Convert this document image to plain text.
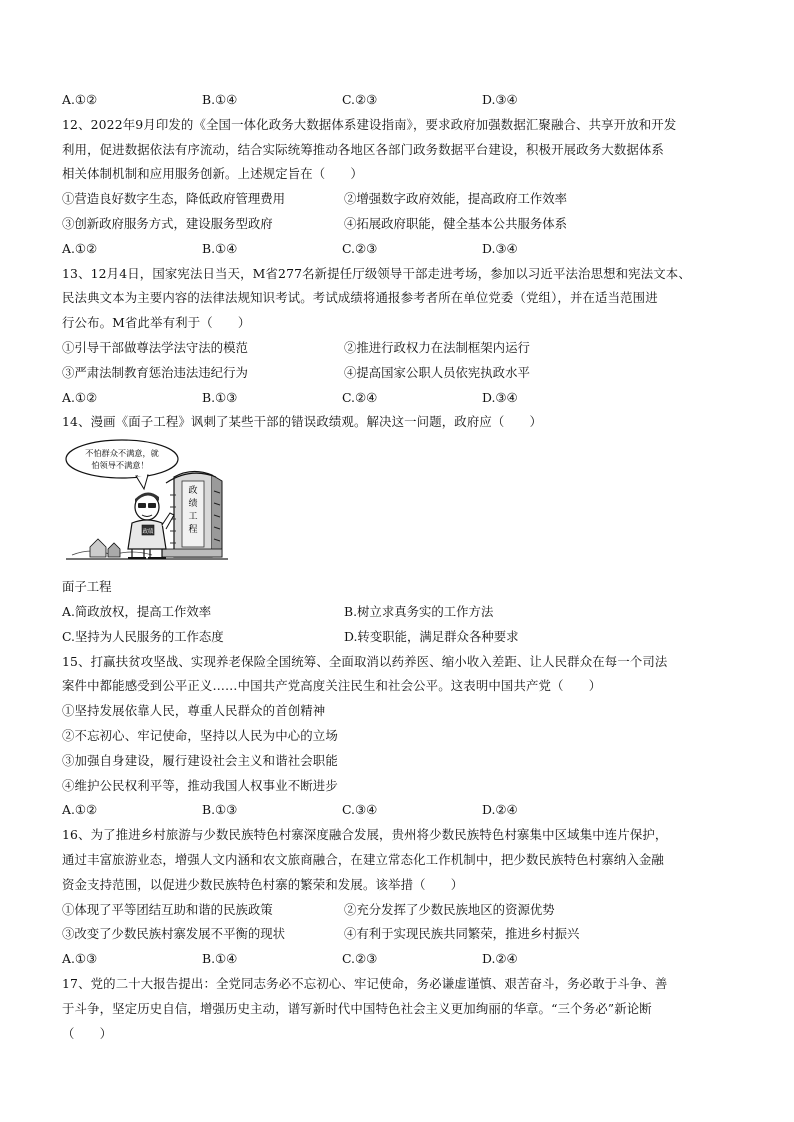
A.①②	B.①④	C.②③	D.③④
12、2022年9月印发的《全国一体化政务大数据体系建设指南》，要求政府加强数据汇聚融合、共享开放和开发
利用，促进数据依法有序流动，结合实际统筹推动各地区各部门政务数据平台建设，积极开展政务大数据体系
相关体制机制和应用服务创新。上述规定旨在（　　）
①营造良好数字生态，降低政府管理费用	②增强数字政府效能，提高政府工作效率
③创新政府服务方式，建设服务型政府	④拓展政府职能，健全基本公共服务体系
A.①②	B.①④	C.②③	D.③④
13、12月4日，国家宪法日当天，M省277名新提任厅级领导干部走进考场，参加以习近平法治思想和宪法文本、
民法典文本为主要内容的法律法规知识考试。考试成绩将通报参考者所在单位党委（党组），并在适当范围进
行公布。M省此举有利于（　　）
①引导干部做尊法学法守法的模范	②推进行政权力在法制框架内运行
③严肃法制教育惩治违法违纪行为	④提高国家公职人员依宪执政水平
A.①②	B.①③	C.②④	D.③④
14、漫画《面子工程》讽刺了某些干部的错误政绩观。解决这一问题，政府应（　　）
不怕群众不满意，就
怕领导不满意！
政
绩
工
程
政绩
面子工程
A.简政放权，提高工作效率	B.树立求真务实的工作方法
C.坚持为人民服务的工作态度	D.转变职能，满足群众各种要求
15、打赢扶贫攻坚战、实现养老保险全国统筹、全面取消以药养医、缩小收入差距、让人民群众在每一个司法
案件中都能感受到公平正义……中国共产党高度关注民生和社会公平。这表明中国共产党（　　）
①坚持发展依靠人民，尊重人民群众的首创精神
②不忘初心、牢记使命，坚持以人民为中心的立场
③加强自身建设，履行建设社会主义和谐社会职能
④维护公民权利平等，推动我国人权事业不断进步
A.①②	B.①③	C.③④	D.②④
16、为了推进乡村旅游与少数民族特色村寨深度融合发展，贵州将少数民族特色村寨集中区域集中连片保护，
通过丰富旅游业态，增强人文内涵和农文旅商融合，在建立常态化工作机制中，把少数民族特色村寨纳入金融
资金支持范围，以促进少数民族特色村寨的繁荣和发展。该举措（　　）
①体现了平等团结互助和谐的民族政策	②充分发挥了少数民族地区的资源优势
③改变了少数民族村寨发展不平衡的现状	④有利于实现民族共同繁荣，推进乡村振兴
A.①③	B.①④	C.②③	D.②④
17、党的二十大报告提出：全党同志务必不忘初心、牢记使命，务必谦虚谨慎、艰苦奋斗，务必敢于斗争、善
于斗争，坚定历史自信，增强历史主动，谱写新时代中国特色社会主义更加绚丽的华章。“三个务必”新论断
（　　）
